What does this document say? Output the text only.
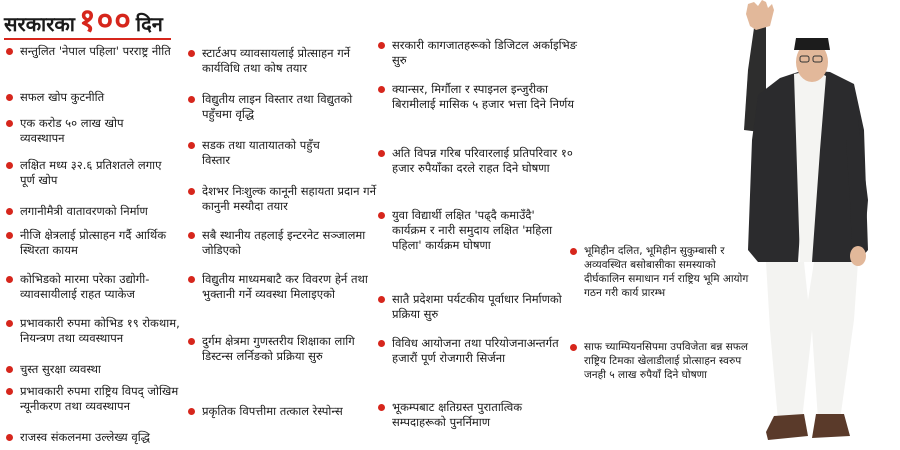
सरकारका १०० दिन
सन्तुलित 'नेपाल पहिला' परराष्ट्र नीति
सफल खोप कुटनीति
एक करोड ५० लाख खोप व्यवस्थापन
लक्षित मध्य ३२.६ प्रतिशतले लगाए पूर्ण खोप
लगानीमैत्री वातावरणको निर्माण
नीजि क्षेत्रलाई प्रोत्साहन गर्दै आर्थिक स्थिरता कायम
कोभिडको मारमा परेका उद्योगी-व्यावसायीलाई राहत प्याकेज
प्रभावकारी रुपमा कोभिड १९ रोकथाम, नियन्त्रण तथा व्यवस्थापन
चुस्त सुरक्षा व्यवस्था
प्रभावकारी रुपमा राष्ट्रिय विपद् जोखिम न्यूनीकरण तथा व्यवस्थापन
राजस्व संकलनमा उल्लेख्य वृद्धि
स्टार्टअप व्यावसायलाई प्रोत्साहन गर्ने कार्यविधि तथा कोष तयार
विद्युतीय लाइन विस्तार तथा विद्युतको पहुँचमा वृद्धि
सडक तथा यातायातको पहुँच विस्तार
देशभर निःशुल्क कानूनी सहायता प्रदान गर्ने कानुनी मस्यौदा तयार
सबै स्थानीय तहलाई इन्टरनेट सञ्जालमा जोडिएको
विद्युतीय माध्यमबाटै कर विवरण हेर्न तथा भुक्तानी गर्ने व्यवस्था मिलाइएको
दुर्गम क्षेत्रमा गुणस्तरीय शिक्षाका लागि डिस्टन्स लर्निङको प्रक्रिया सुरु
प्रकृतिक विपत्तीमा तत्काल रेस्पोन्स
सरकारी कागजातहरूको डिजिटल अर्काइभिङ सुरु
क्यान्सर, मिर्गौला र स्पाइनल इन्जुरीका बिरामीलाई मासिक ५ हजार भत्ता दिने निर्णय
अति विपन्न गरिब परिवारलाई प्रतिपरिवार १० हजार रुपैयाँका दरले राहत दिने घोषणा
युवा विद्यार्थी लक्षित 'पढ्दै कमाउँदै' कार्यक्रम र नारी समुदाय लक्षित 'महिला पहिला' कार्यक्रम घोषणा
सातै प्रदेशमा पर्यटकीय पूर्वाधार निर्माणको प्रक्रिया सुरु
विविध आयोजना तथा परियोजनाअन्तर्गत हजारौं पूर्ण रोजगारी सिर्जना
भूकम्पबाट क्षतिग्रस्त पुरातात्विक सम्पदाहरूको पुनर्निमाण
भूमिहीन दलित, भूमिहीन सुकुम्बासी र अव्यवस्थित बसोबासीका समस्याको दीर्घकालिन समाधान गर्न राष्ट्रिय भूमि आयोग गठन गरी कार्य प्रारम्भ
साफ च्याम्पियनसिपमा उपविजेता बन्न सफल राष्ट्रिय टिमका खेलाडीलाई प्रोत्साहन स्वरुप जनही ५ लाख रुपैयाँ दिने घोषणा
